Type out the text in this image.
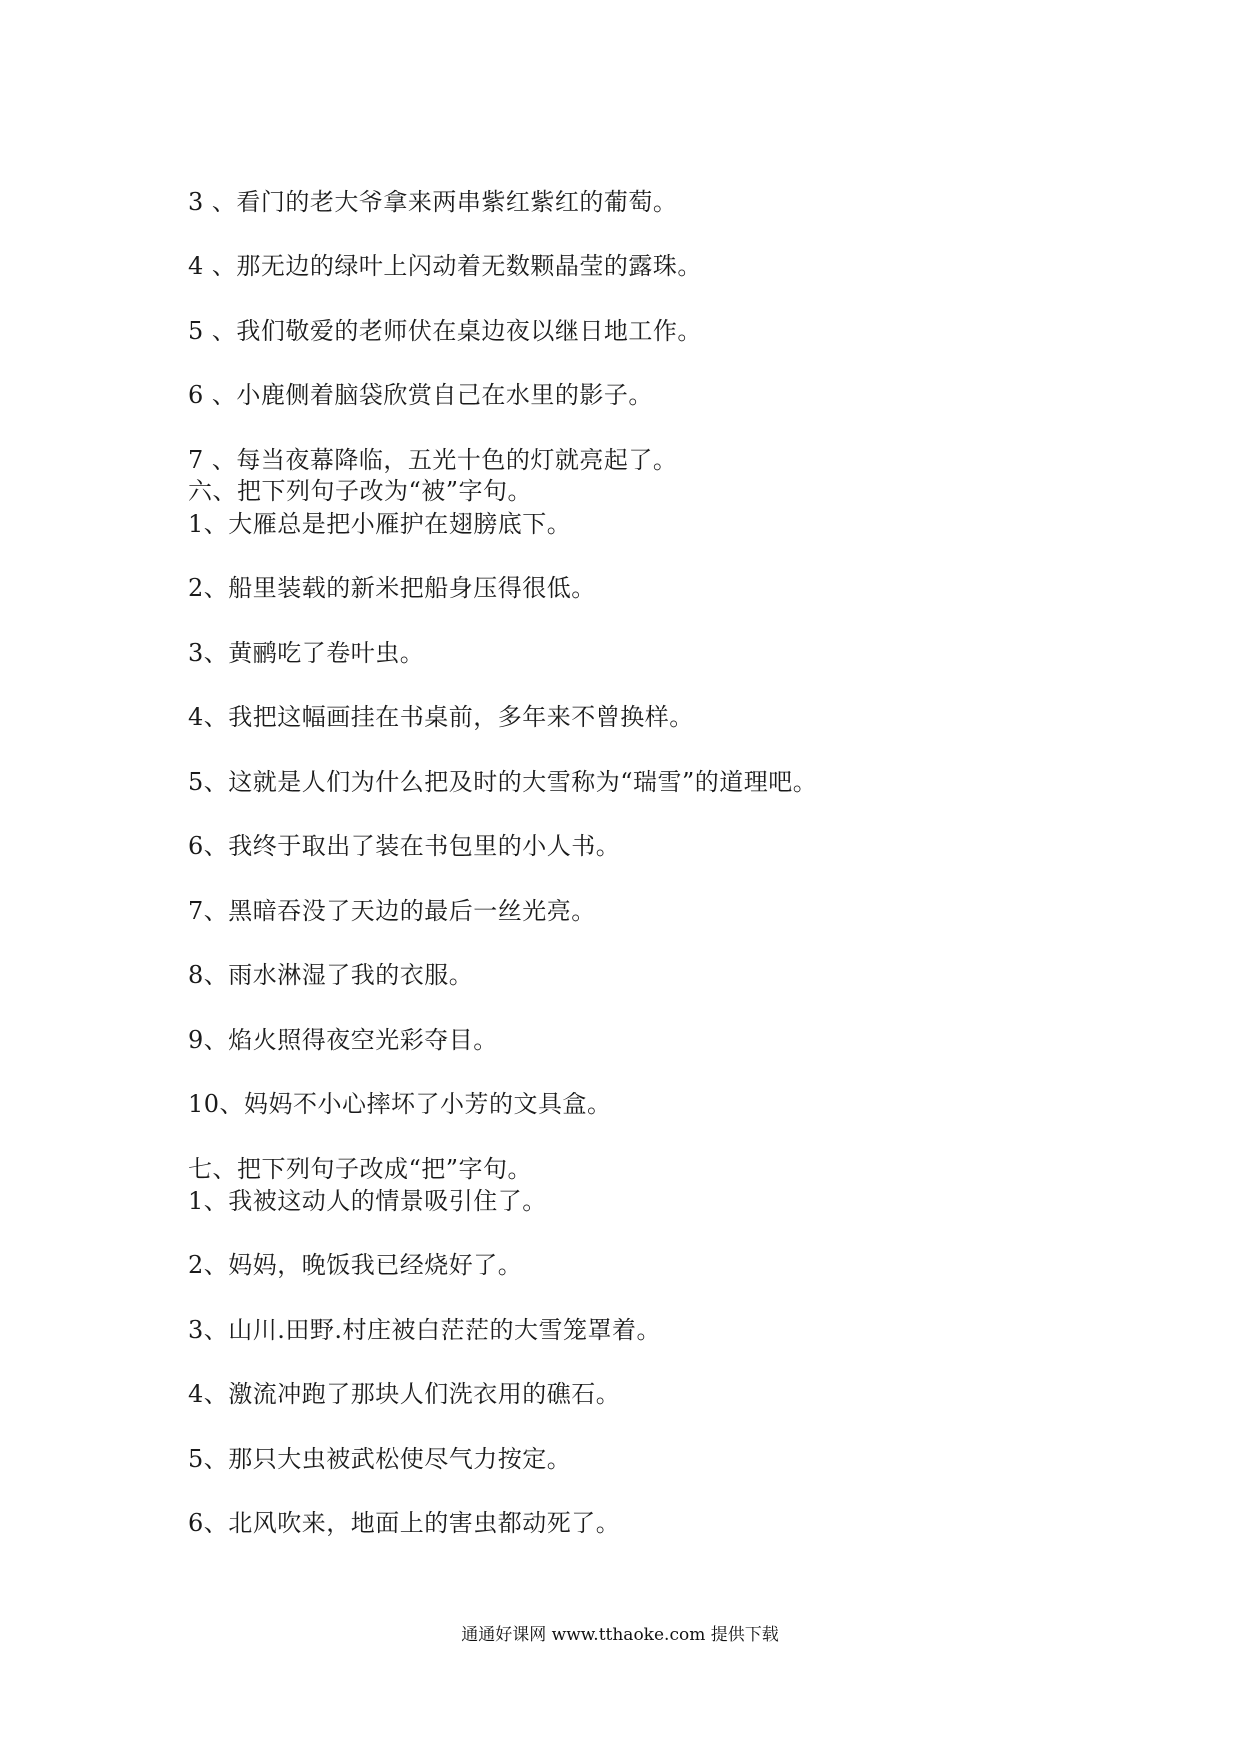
3 、看门的老大爷拿来两串紫红紫红的葡萄。
4 、那无边的绿叶上闪动着无数颗晶莹的露珠。
5 、我们敬爱的老师伏在桌边夜以继日地工作。
6 、小鹿侧着脑袋欣赏自己在水里的影子。
7 、每当夜幕降临，五光十色的灯就亮起了。
六、把下列句子改为“被”字句。
1、大雁总是把小雁护在翅膀底下。
2、船里装载的新米把船身压得很低。
3、黄鹂吃了卷叶虫。
4、我把这幅画挂在书桌前，多年来不曾换样。
5、这就是人们为什么把及时的大雪称为“瑞雪”的道理吧。
6、我终于取出了装在书包里的小人书。
7、黑暗吞没了天边的最后一丝光亮。
8、雨水淋湿了我的衣服。
9、焰火照得夜空光彩夺目。
10、妈妈不小心摔坏了小芳的文具盒。
七、把下列句子改成“把”字句。
1、我被这动人的情景吸引住了。
2、妈妈，晚饭我已经烧好了。
3、山川.田野.村庄被白茫茫的大雪笼罩着。
4、激流冲跑了那块人们洗衣用的礁石。
5、那只大虫被武松使尽气力按定。
6、北风吹来，地面上的害虫都动死了。
通通好课网 www.tthaoke.com 提供下载
